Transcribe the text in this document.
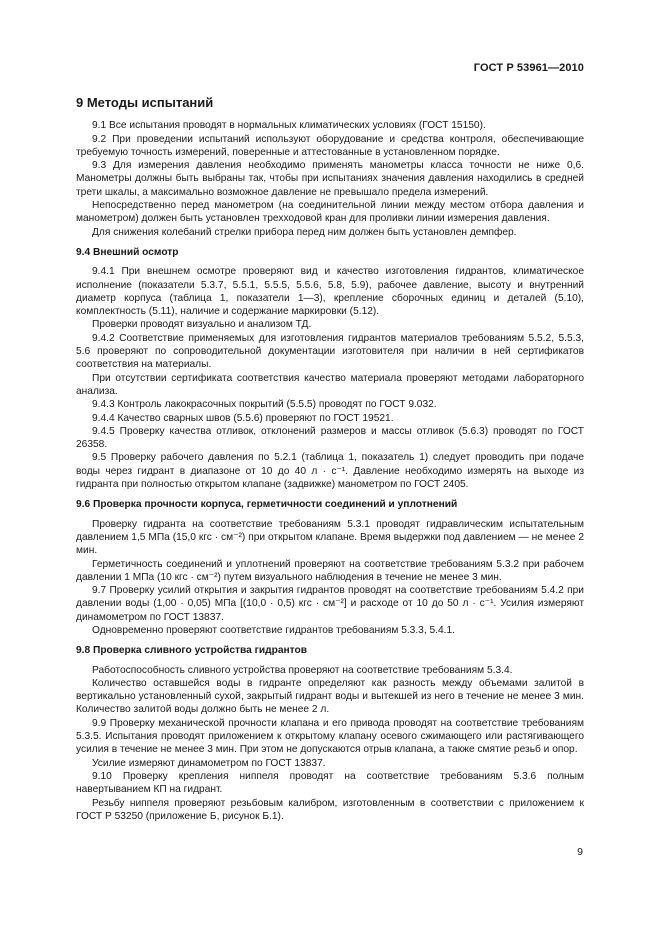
ГОСТ Р 53961—2010
9 Методы испытаний

9.1 Все испытания проводят в нормальных климатических условиях (ГОСТ 15150).

9.2 При проведении испытаний используют оборудование и средства контроля, обеспечивающие требуемую точность измерений, поверенные и аттестованные в установленном порядке.

9.3 Для измерения давления необходимо применять манометры класса точности не ниже 0,6. Манометры должны быть выбраны так, чтобы при испытаниях значения давления находились в средней трети шкалы, а максимально возможное давление не превышало предела измерений.

Непосредственно перед манометром (на соединительной линии между местом отбора давления и манометром) должен быть установлен трехходовой кран для проливки линии измерения давления.

Для снижения колебаний стрелки прибора перед ним должен быть установлен демпфер.

9.4 Внешний осмотр

9.4.1 При внешнем осмотре проверяют вид и качество изготовления гидрантов, климатическое исполнение (показатели 5.3.7, 5.5.1, 5.5.5, 5.5.6, 5.8, 5.9), рабочее давление, высоту и внутренний диаметр корпуса (таблица 1, показатели 1—3), крепление сборочных единиц и деталей (5.10), комплектность (5.11), наличие и содержание маркировки (5.12).

Проверки проводят визуально и анализом ТД.

9.4.2 Соответствие применяемых для изготовления гидрантов материалов требованиям 5.5.2, 5.5.3, 5.6 проверяют по сопроводительной документации изготовителя при наличии в ней сертификатов соответствия на материалы.

При отсутствии сертификата соответствия качество материала проверяют методами лабораторного анализа.

9.4.3 Контроль лакокрасочных покрытий (5.5.5) проводят по ГОСТ 9.032.

9.4.4 Качество сварных швов (5.5.6) проверяют по ГОСТ 19521.

9.4.5 Проверку качества отливок, отклонений размеров и массы отливок (5.6.3) проводят по ГОСТ 26358.

9.5 Проверку рабочего давления по 5.2.1 (таблица 1, показатель 1) следует проводить при подаче воды через гидрант в диапазоне от 10 до 40 л · с⁻¹. Давление необходимо измерять на выходе из гидранта при полностью открытом клапане (задвижке) манометром по ГОСТ 2405.

9.6 Проверка прочности корпуса, герметичности соединений и уплотнений

Проверку гидранта на соответствие требованиям 5.3.1 проводят гидравлическим испытательным давлением 1,5 МПа (15,0 кгс · см⁻²) при открытом клапане. Время выдержки под давлением — не менее 2 мин.

Герметичность соединений и уплотнений проверяют на соответствие требованиям 5.3.2 при рабочем давлении 1 МПа (10 кгс · см⁻²) путем визуального наблюдения в течение не менее 3 мин.

9.7 Проверку усилий открытия и закрытия гидрантов проводят на соответствие требованиям 5.4.2 при давлении воды (1,00 · 0,05) МПа [(10,0 · 0,5) кгс · см⁻²] и расходе от 10 до 50 л · с⁻¹. Усилия измеряют динамометром по ГОСТ 13837.

Одновременно проверяют соответствие гидрантов требованиям 5.3.3, 5.4.1.

9.8 Проверка сливного устройства гидрантов

Работоспособность сливного устройства проверяют на соответствие требованиям 5.3.4.

Количество оставшейся воды в гидранте определяют как разность между объемами залитой в вертикально установленный сухой, закрытый гидрант воды и вытекшей из него в течение не менее 3 мин. Количество залитой воды должно быть не менее 2 л.

9.9 Проверку механической прочности клапана и его привода проводят на соответствие требованиям 5.3.5. Испытания проводят приложением к открытому клапану осевого сжимающего или растягивающего усилия в течение не менее 3 мин. При этом не допускаются отрыв клапана, а также смятие резьб и опор.

Усилие измеряют динамометром по ГОСТ 13837.

9.10 Проверку крепления ниппеля проводят на соответствие требованиям 5.3.6 полным навертыванием КП на гидрант.

Резьбу ниппеля проверяют резьбовым калибром, изготовленным в соответствии с приложением к ГОСТ Р 53250 (приложение Б, рисунок Б.1).

9
